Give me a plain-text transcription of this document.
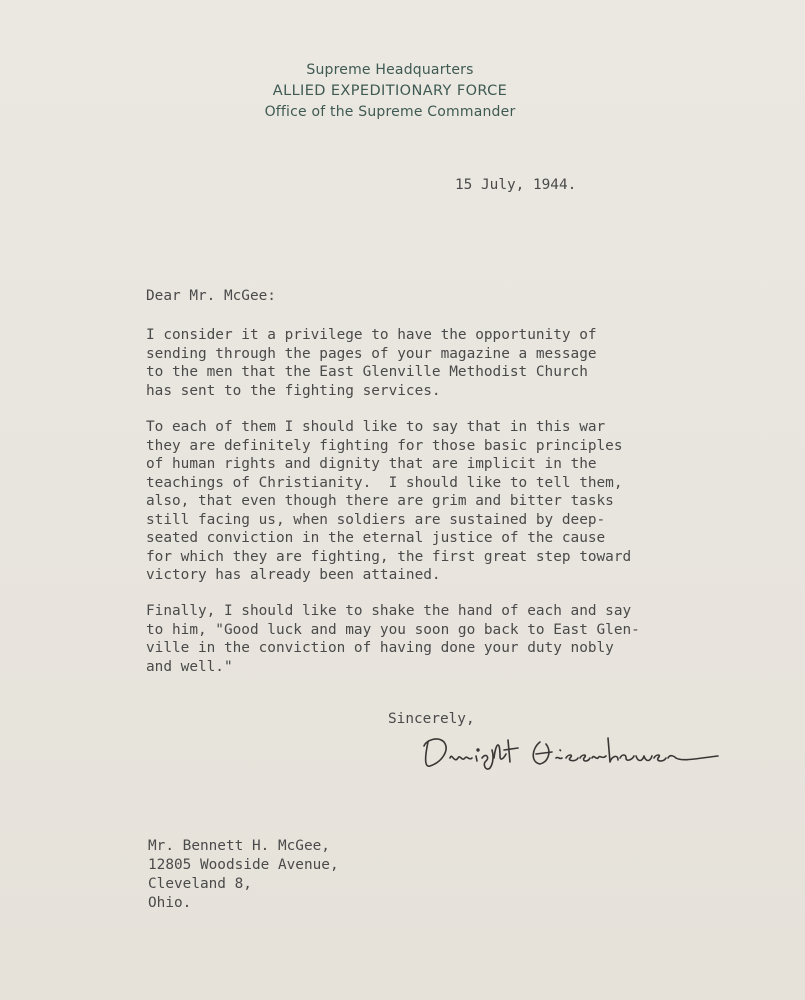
Supreme Headquarters
ALLIED EXPEDITIONARY FORCE
Office of the Supreme Commander
15 July, 1944.
Dear Mr. McGee:
I consider it a privilege to have the opportunity of
sending through the pages of your magazine a message
to the men that the East Glenville Methodist Church
has sent to the fighting services.
To each of them I should like to say that in this war
they are definitely fighting for those basic principles
of human rights and dignity that are implicit in the
teachings of Christianity.  I should like to tell them,
also, that even though there are grim and bitter tasks
still facing us, when soldiers are sustained by deep-
seated conviction in the eternal justice of the cause
for which they are fighting, the first great step toward
victory has already been attained.
Finally, I should like to shake the hand of each and say
to him, "Good luck and may you soon go back to East Glen-
ville in the conviction of having done your duty nobly
and well."
Sincerely,
Mr. Bennett H. McGee,
12805 Woodside Avenue,
Cleveland 8,
Ohio.
